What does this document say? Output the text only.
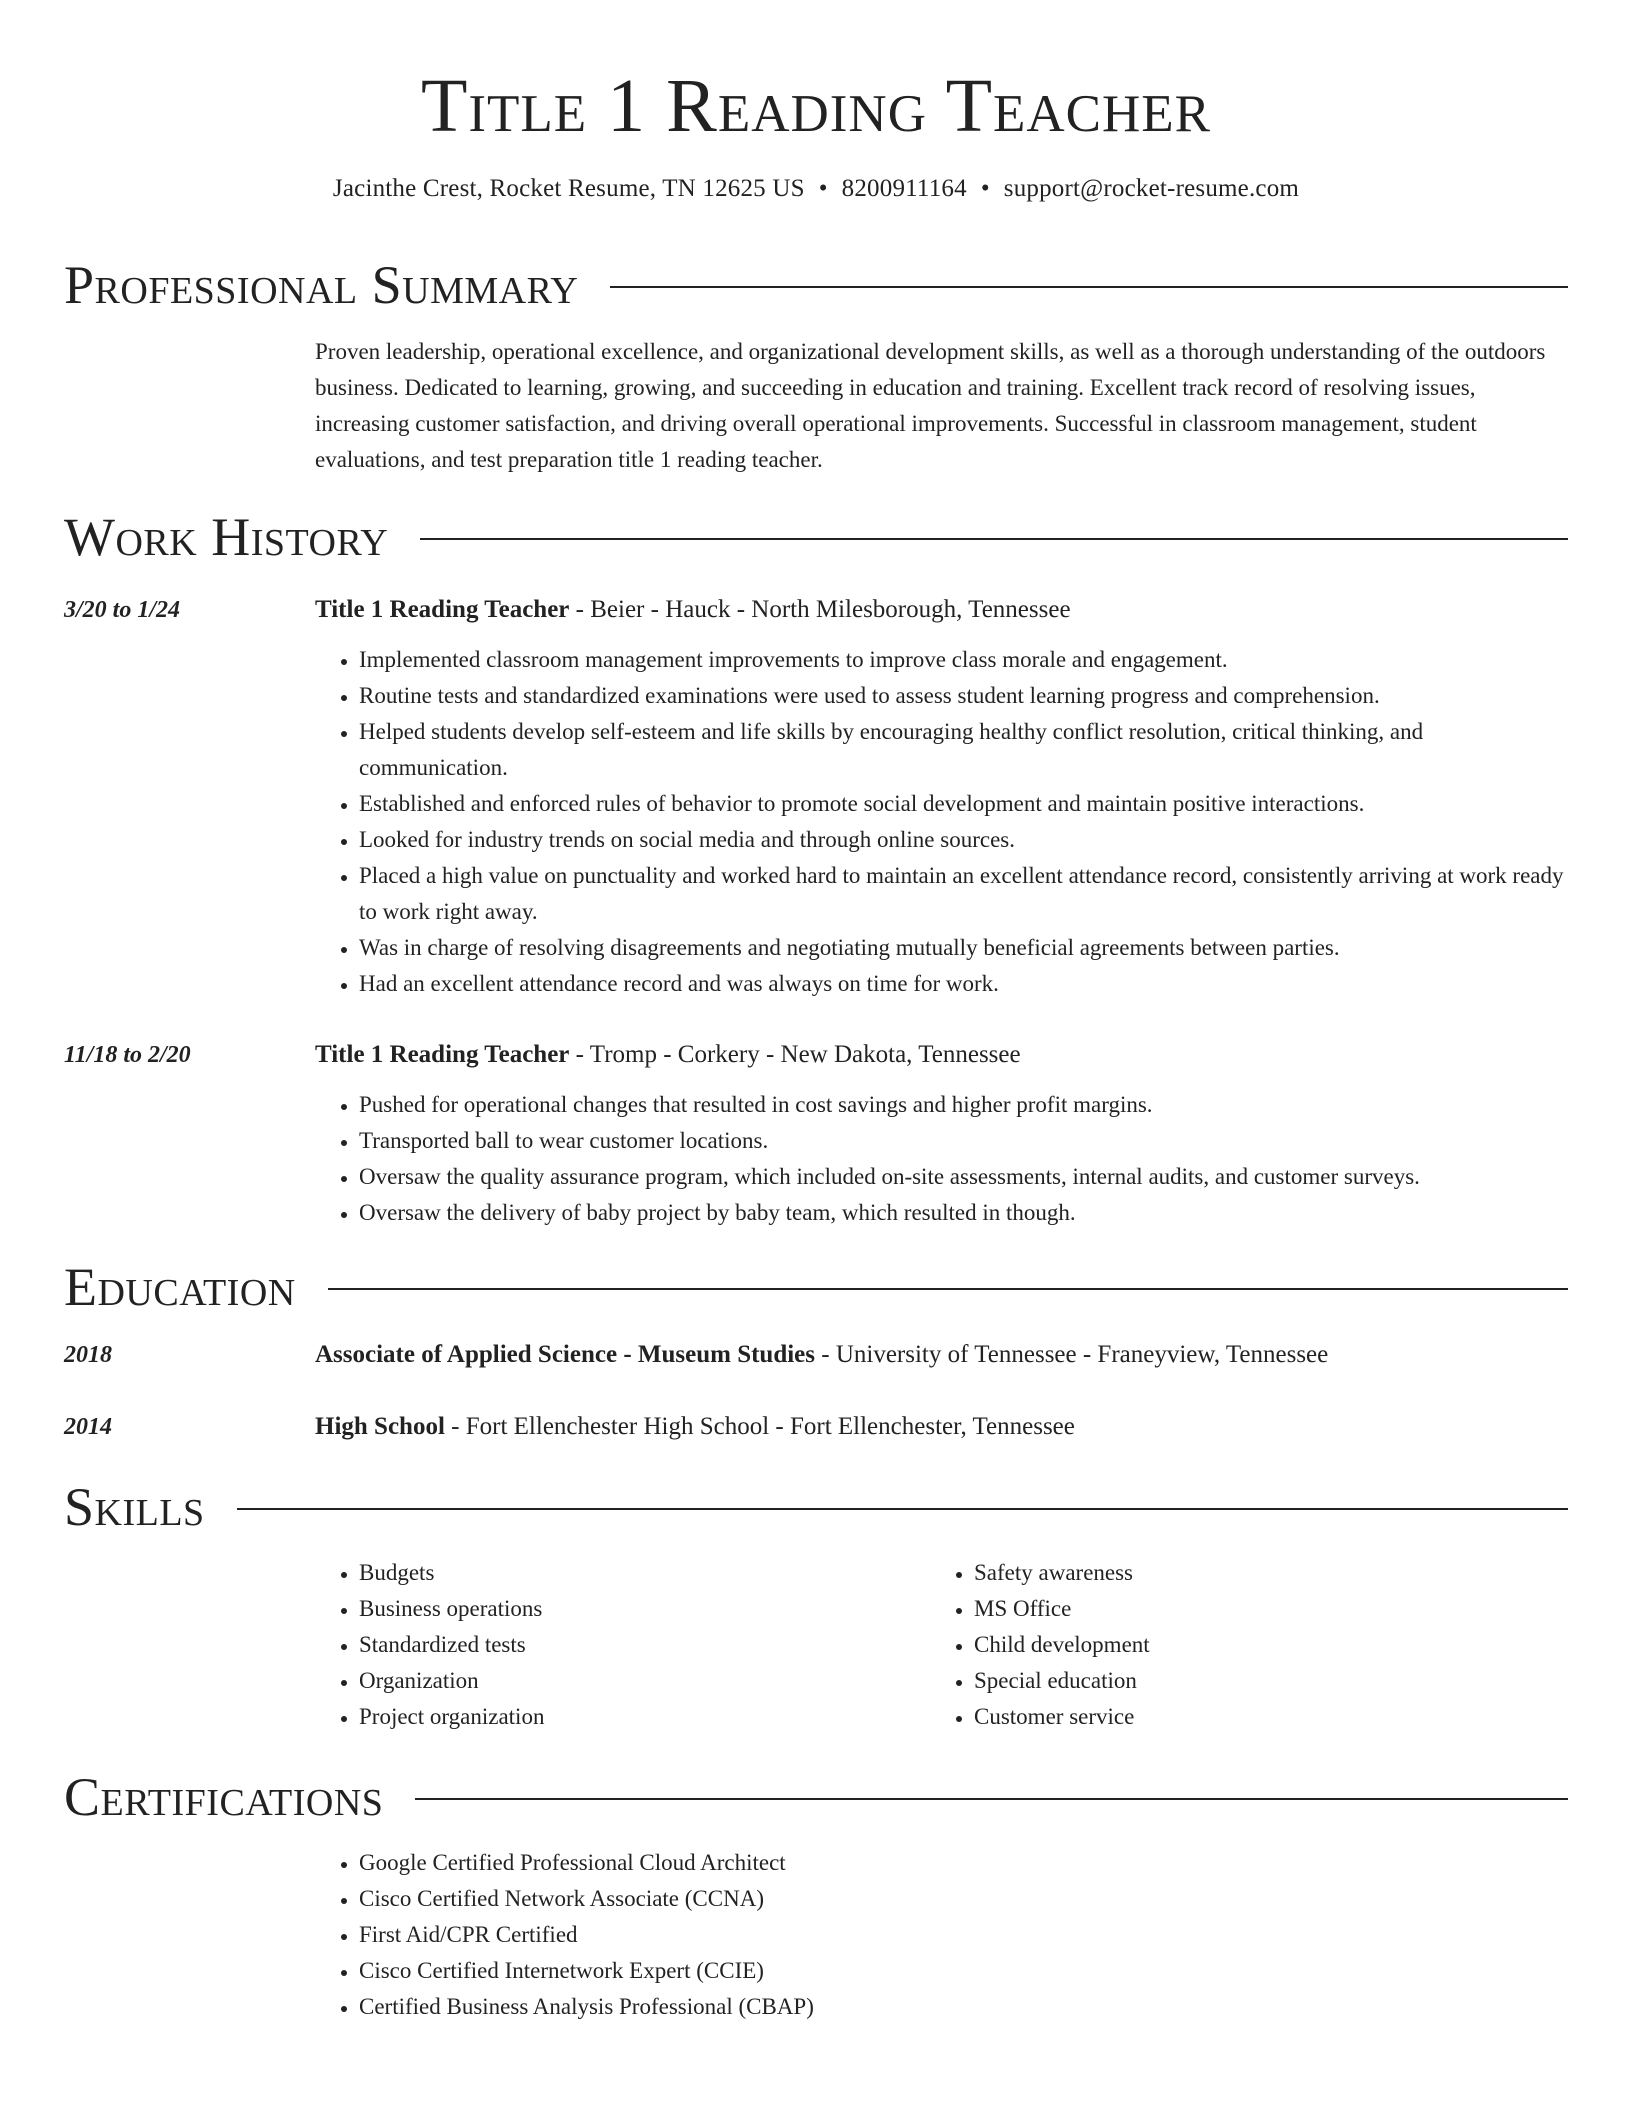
Title 1 Reading Teacher

Jacinthe Crest, Rocket Resume, TN 12625 US • 8200911164 • support@rocket-resume.com

Professional Summary

Proven leadership, operational excellence, and organizational development skills, as well as a thorough understanding of the outdoors business. Dedicated to learning, growing, and succeeding in education and training. Excellent track record of resolving issues, increasing customer satisfaction, and driving overall operational improvements. Successful in classroom management, student evaluations, and test preparation title 1 reading teacher.

Work History

3/20 to 1/24	Title 1 Reading Teacher - Beier - Hauck - North Milesborough, Tennessee

• Implemented classroom management improvements to improve class morale and engagement.
• Routine tests and standardized examinations were used to assess student learning progress and comprehension.
• Helped students develop self-esteem and life skills by encouraging healthy conflict resolution, critical thinking, and communication.
• Established and enforced rules of behavior to promote social development and maintain positive interactions.
• Looked for industry trends on social media and through online sources.
• Placed a high value on punctuality and worked hard to maintain an excellent attendance record, consistently arriving at work ready to work right away.
• Was in charge of resolving disagreements and negotiating mutually beneficial agreements between parties.
• Had an excellent attendance record and was always on time for work.

11/18 to 2/20	Title 1 Reading Teacher - Tromp - Corkery - New Dakota, Tennessee

• Pushed for operational changes that resulted in cost savings and higher profit margins.
• Transported ball to wear customer locations.
• Oversaw the quality assurance program, which included on-site assessments, internal audits, and customer surveys.
• Oversaw the delivery of baby project by baby team, which resulted in though.
Education

2018	Associate of Applied Science - Museum Studies - University of Tennessee - Franeyview, Tennessee

2014	High School - Fort Ellenchester High School - Fort Ellenchester, Tennessee

Skills
• Budgets
• Business operations
• Standardized tests
• Organization
• Project organization
• Safety awareness
• MS Office
• Child development
• Special education
• Customer service
Certifications
• Google Certified Professional Cloud Architect
• Cisco Certified Network Associate (CCNA)
• First Aid/CPR Certified
• Cisco Certified Internetwork Expert (CCIE)
• Certified Business Analysis Professional (CBAP)
